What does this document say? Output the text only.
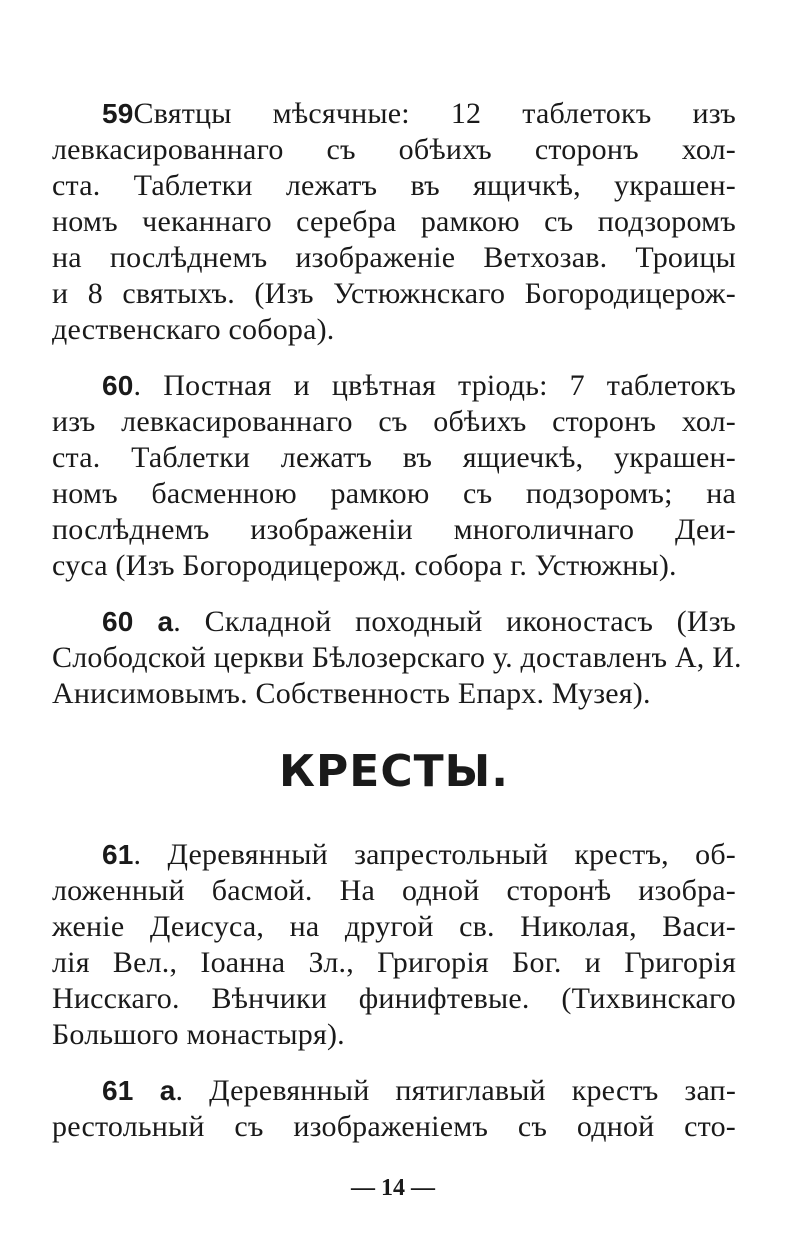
59Святцы мѣсячные: 12 таблетокъ изъ
левкасированнаго съ обѣихъ сторонъ хол-
ста. Таблетки лежатъ въ ящичкѣ, украшен-
номъ чеканнаго серебра рамкою съ подзоромъ
на послѣднемъ изображеніе Ветхозав. Троицы
и 8 святыхъ. (Изъ Устюжнскаго Богородицерож-
дественскаго собора).
60. Постная и цвѣтная тріодь: 7 таблетокъ
изъ левкасированнаго съ обѣихъ сторонъ хол-
ста. Таблетки лежатъ въ ящиечкѣ, украшен-
номъ басменною рамкою съ подзоромъ; на
послѣднемъ изображеніи многоличнаго Деи-
суса (Изъ Богородицерожд. собора г. Устюжны).
60 а. Складной походный иконостасъ (Изъ
Слободской церкви Бѣлозерскаго у. доставленъ А, И.
Анисимовымъ. Собственность Епарх. Музея).
КРЕСТЫ.
61. Деревянный запрестольный крестъ, об-
ложенный басмой. На одной сторонѣ изобра-
женіе Деисуса, на другой св. Николая, Васи-
лія Вел., Іоанна Зл., Григорія Бог. и Григорія
Нисскаго. Вѣнчики финифтевые. (Тихвинскаго
Большого монастыря).
61 а. Деревянный пятиглавый крестъ зап-
рестольный съ изображеніемъ съ одной сто-
— 14 —
